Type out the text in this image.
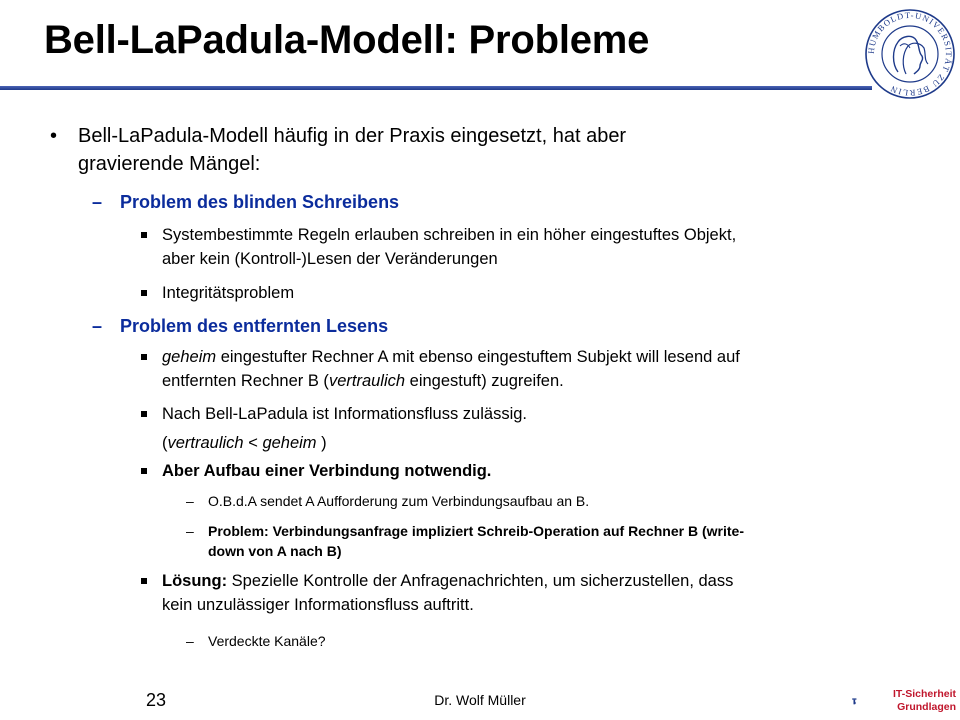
Bell-LaPadula-Modell: Probleme	HUMBOLDT-UNIVERSITÄT ZU BERLIN
• Bell-LaPadula-Modell häufig in der Praxis eingesetzt, hat aber

gravierende Mängel:

– Problem des blinden Schreibens

Systembestimmte Regeln erlauben schreiben in ein höher eingestuftes Objekt,

aber kein (Kontroll-)Lesen der Veränderungen

Integritätsproblem

– Problem des entfernten Lesens

geheim eingestufter Rechner A mit ebenso eingestuftem Subjekt will lesend auf

entfernten Rechner B (vertraulich eingestuft) zugreifen.

Nach Bell-LaPadula ist Informationsfluss zulässig.

(vertraulich < geheim )

Aber Aufbau einer Verbindung notwendig.

– O.B.d.A sendet A Aufforderung zum Verbindungsaufbau an B.

– Problem: Verbindungsanfrage impliziert Schreib-Operation auf Rechner B (write-

down von A nach B)

Lösung: Spezielle Kontrolle der Anfragenachrichten, um sicherzustellen, dass

kein unzulässiger Informationsfluss auftritt.

– Verdeckte Kanäle?

23	Dr. Wolf Müller	IT-Sicherheit
Grundlagen
